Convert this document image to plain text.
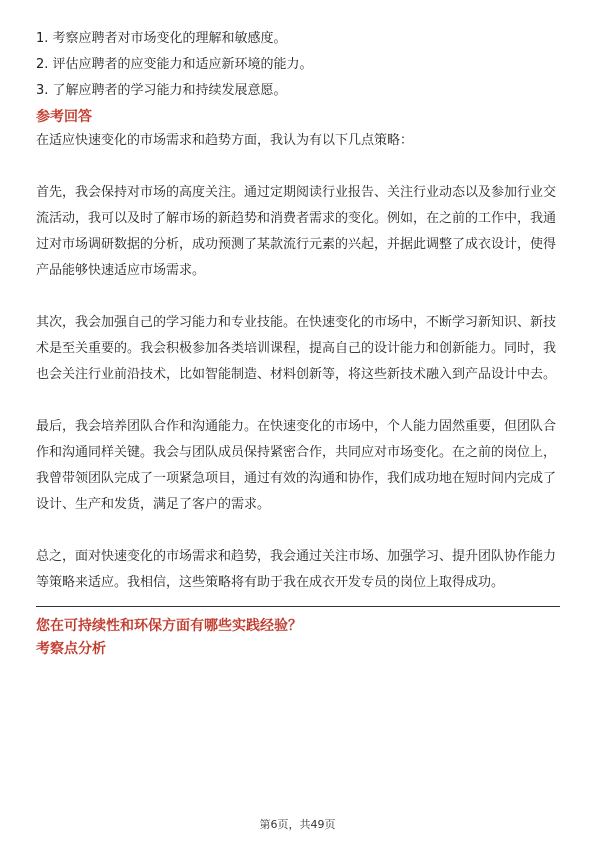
1. 考察应聘者对市场变化的理解和敏感度。
2. 评估应聘者的应变能力和适应新环境的能力。
3. 了解应聘者的学习能力和持续发展意愿。
参考回答

在适应快速变化的市场需求和趋势方面，我认为有以下几点策略：

首先，我会保持对市场的高度关注。通过定期阅读行业报告、关注行业动态以及参加行业交流活动，我可以及时了解市场的新趋势和消费者需求的变化。例如，在之前的工作中，我通过对市场调研数据的分析，成功预测了某款流行元素的兴起，并据此调整了成衣设计，使得产品能够快速适应市场需求。

其次，我会加强自己的学习能力和专业技能。在快速变化的市场中，不断学习新知识、新技术是至关重要的。我会积极参加各类培训课程，提高自己的设计能力和创新能力。同时，我也会关注行业前沿技术，比如智能制造、材料创新等，将这些新技术融入到产品设计中去。

最后，我会培养团队合作和沟通能力。在快速变化的市场中，个人能力固然重要，但团队合作和沟通同样关键。我会与团队成员保持紧密合作，共同应对市场变化。在之前的岗位上，我曾带领团队完成了一项紧急项目，通过有效的沟通和协作，我们成功地在短时间内完成了设计、生产和发货，满足了客户的需求。

总之，面对快速变化的市场需求和趋势，我会通过关注市场、加强学习、提升团队协作能力等策略来适应。我相信，这些策略将有助于我在成衣开发专员的岗位上取得成功。

您在可持续性和环保方面有哪些实践经验？
考察点分析
第6页，共49页
